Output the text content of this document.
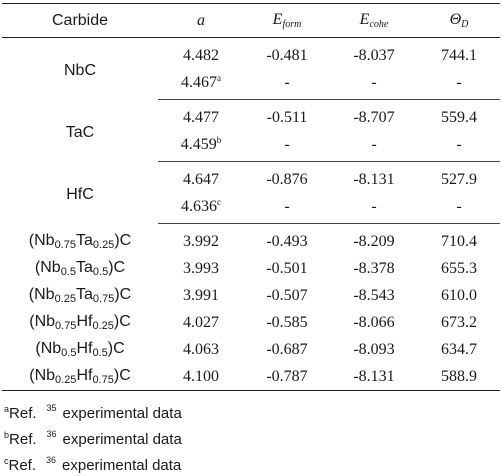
Carbide	a	$E_{form}$	$E_{cohe}$	$\Theta_D$
NbC	4.482	-0.481	-8.037	744.1
	4.467$^a$	-	-	-
TaC	4.477	-0.511	-8.707	559.4
	4.459$^b$	-	-	-
HfC	4.647	-0.876	-8.131	527.9
	4.636$^c$	-	-	-
$(Nb_{0.75}Ta_{0.25})C$	3.992	-0.493	-8.209	710.4
$(Nb_{0.5}Ta_{0.5})C$	3.993	-0.501	-8.378	655.3
$(Nb_{0.25}Ta_{0.75})C$	3.991	-0.507	-8.543	610.0
$(Nb_{0.75}Hf_{0.25})C$	4.027	-0.585	-8.066	673.2
$(Nb_{0.5}Hf_{0.5})C$	4.063	-0.687	-8.093	634.7
$(Nb_{0.25}Hf_{0.75})C$	4.100	-0.787	-8.131	588.9
$^a$Ref. $^{35}$ experimental data
$^b$Ref. $^{36}$ experimental data
$^c$Ref. $^{36}$ experimental data
